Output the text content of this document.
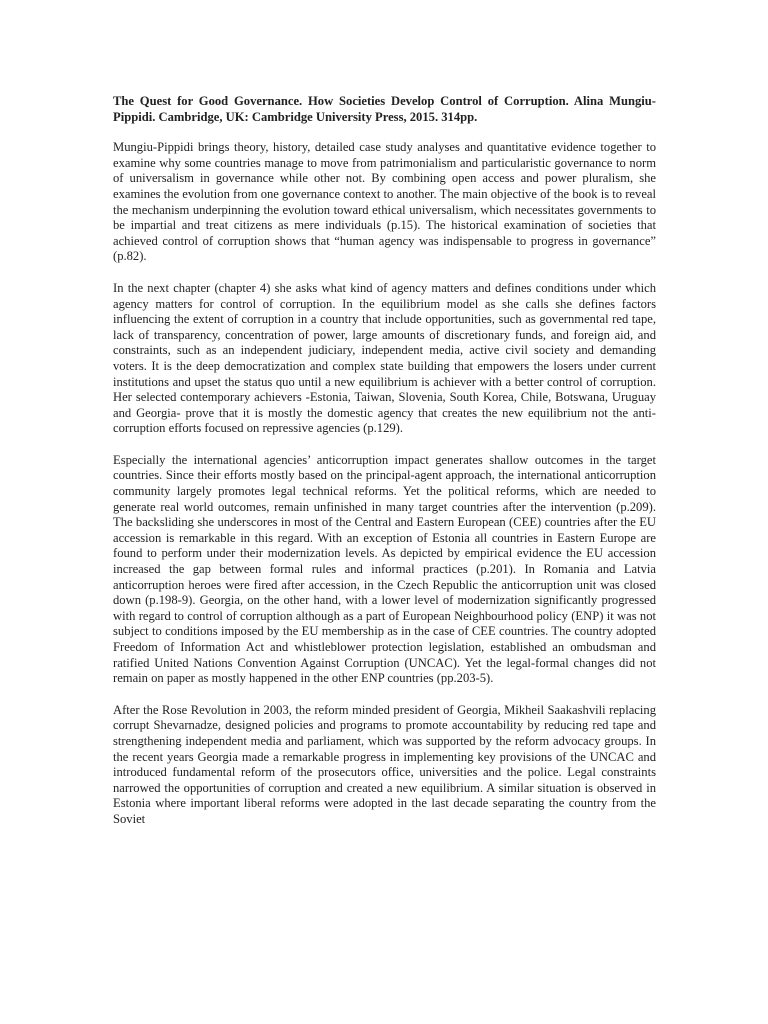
The Quest for Good Governance. How Societies Develop Control of Corruption. Alina Mungiu-Pippidi. Cambridge, UK: Cambridge University Press, 2015. 314pp.

Mungiu-Pippidi brings theory, history, detailed case study analyses and quantitative evidence together to examine why some countries manage to move from patrimonialism and particularistic governance to norm of universalism in governance while other not. By combining open access and power pluralism, she examines the evolution from one governance context to another. The main objective of the book is to reveal the mechanism underpinning the evolution toward ethical universalism, which necessitates governments to be impartial and treat citizens as mere individuals (p.15). The historical examination of societies that achieved control of corruption shows that “human agency was indispensable to progress in governance” (p.82).

In the next chapter (chapter 4) she asks what kind of agency matters and defines conditions under which agency matters for control of corruption. In the equilibrium model as she calls she defines factors influencing the extent of corruption in a country that include opportunities, such as governmental red tape, lack of transparency, concentration of power, large amounts of discretionary funds, and foreign aid, and constraints, such as an independent judiciary, independent media, active civil society and demanding voters. It is the deep democratization and complex state building that empowers the losers under current institutions and upset the status quo until a new equilibrium is achiever with a better control of corruption. Her selected contemporary achievers -Estonia, Taiwan, Slovenia, South Korea, Chile, Botswana, Uruguay and Georgia- prove that it is mostly the domestic agency that creates the new equilibrium not the anti-corruption efforts focused on repressive agencies (p.129).

Especially the international agencies’ anticorruption impact generates shallow outcomes in the target countries. Since their efforts mostly based on the principal-agent approach, the international anticorruption community largely promotes legal technical reforms. Yet the political reforms, which are needed to generate real world outcomes, remain unfinished in many target countries after the intervention (p.209). The backsliding she underscores in most of the Central and Eastern European (CEE) countries after the EU accession is remarkable in this regard. With an exception of Estonia all countries in Eastern Europe are found to perform under their modernization levels. As depicted by empirical evidence the EU accession increased the gap between formal rules and informal practices (p.201). In Romania and Latvia anticorruption heroes were fired after accession, in the Czech Republic the anticorruption unit was closed down (p.198-9). Georgia, on the other hand, with a lower level of modernization significantly progressed with regard to control of corruption although as a part of European Neighbourhood policy (ENP) it was not subject to conditions imposed by the EU membership as in the case of CEE countries. The country adopted Freedom of Information Act and whistleblower protection legislation, established an ombudsman and ratified United Nations Convention Against Corruption (UNCAC). Yet the legal-formal changes did not remain on paper as mostly happened in the other ENP countries (pp.203-5).

After the Rose Revolution in 2003, the reform minded president of Georgia, Mikheil Saakashvili replacing corrupt Shevarnadze, designed policies and programs to promote accountability by reducing red tape and strengthening independent media and parliament, which was supported by the reform advocacy groups. In the recent years Georgia made a remarkable progress in implementing key provisions of the UNCAC and introduced fundamental reform of the prosecutors office, universities and the police. Legal constraints narrowed the opportunities of corruption and created a new equilibrium. A similar situation is observed in Estonia where important liberal reforms were adopted in the last decade separating the country from the Soviet
